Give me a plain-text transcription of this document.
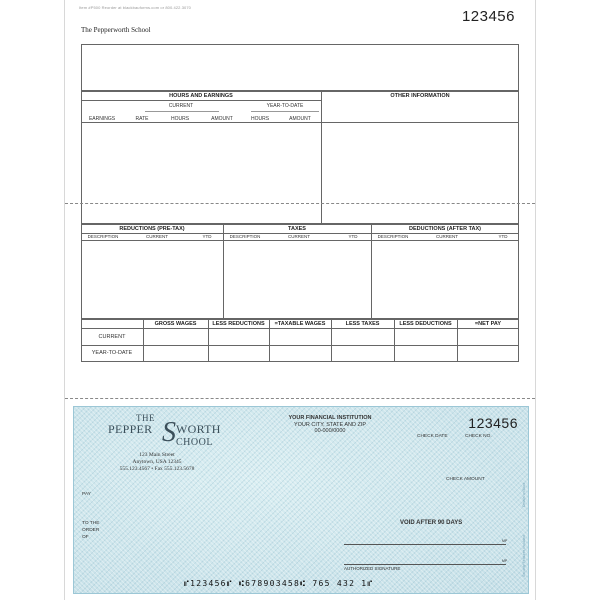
Item #P500 Reorder at blackbauforms.com or 800.422.3070
123456
The Pepperworth School
HOURS AND EARNINGS	OTHER INFORMATION
CURRENT	YEAR-TO-DATE
EARNINGS	RATE	HOURS	AMOUNT	HOURS	AMOUNT
REDUCTIONS (PRE-TAX)	TAXES	DEDUCTIONS (AFTER TAX)
DESCRIPTION	CURRENT	YTD	DESCRIPTION	CURRENT	YTD	DESCRIPTION	CURRENT	YTD
GROSS WAGES	LESS REDUCTIONS	=TAXABLE WAGES	LESS TAXES	LESS DEDUCTIONS	=NET PAY
CURRENT
YEAR-TO-DATE
THE
PEPPER S WORTH
CHOOL
123 Main Street
Anytown, USA 12345
555.123.4567 • Fax 555.123.5678
YOUR FINANCIAL INSTITUTION
YOUR CITY, STATE AND ZIP
00-000/0000	123456
CHECK DATE	CHECK NO.
CHECK AMOUNT
PAY
TO THE
ORDER
OF
VOID AFTER 90 DAYS
MP
MP
AUTHORIZED SIGNATURE
⑈123456⑈ ⑆678903458⑆ 765 432 1⑈
Details on Back
Security Features Included
